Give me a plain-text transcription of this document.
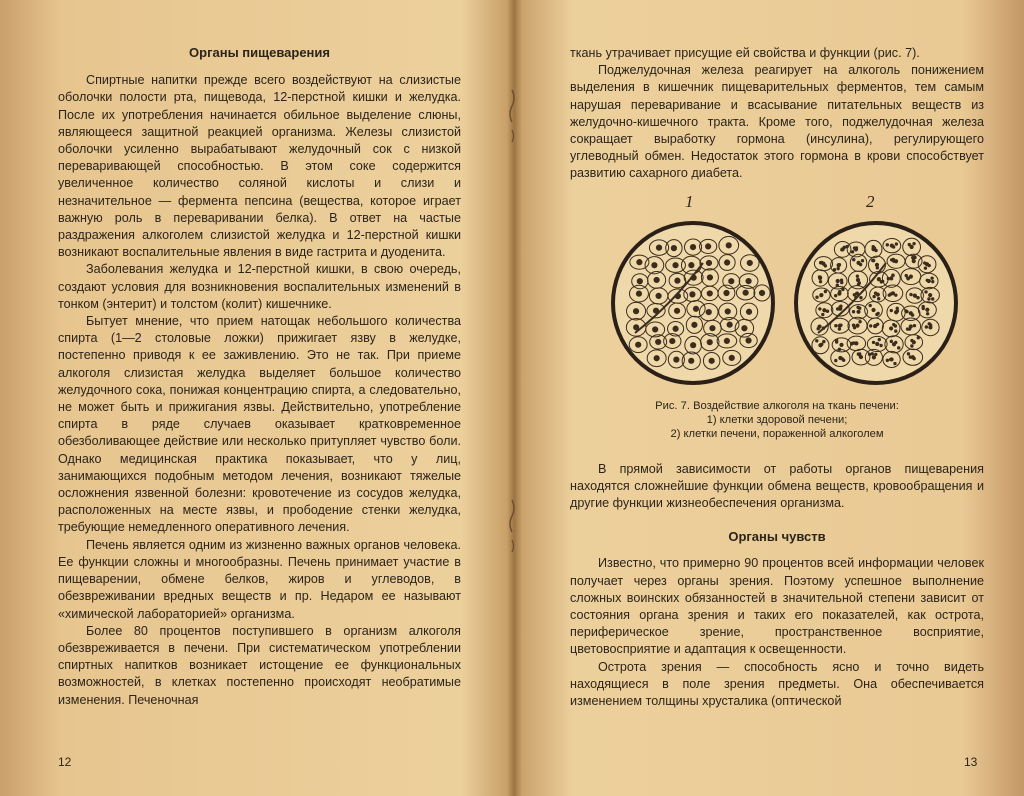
Органы пищеварения

Спиртные напитки прежде всего воздействуют на слизистые оболочки полости рта, пищевода, 12-перстной кишки и желудка. После их употребления начинается обильное выделение слюны, являющееся защитной реакцией организма. Железы слизистой оболочки усиленно вырабатывают желудочный сок с низкой переваривающей способностью. В этом соке содержится увеличенное количество соляной кислоты и слизи и незначительное — фермента пепсина (вещества, которое играет важную роль в переваривании белка). В ответ на частые раздражения алкоголем слизистой желудка и 12-перстной кишки возникают воспалительные явления в виде гастрита и дуоденита.

Заболевания желудка и 12-перстной кишки, в свою очередь, создают условия для возникновения воспалительных изменений в тонком (энтерит) и толстом (колит) кишечнике.

Бытует мнение, что прием натощак небольшого количества спирта (1—2 столовые ложки) прижигает язву в желудке, постепенно приводя к ее заживлению. Это не так. При приеме алкоголя слизистая желудка выделяет большое количество желудочного сока, понижая концентрацию спирта, а следовательно, не может быть и прижигания язвы. Действительно, употребление спирта в ряде случаев оказывает кратковременное обезболивающее действие или несколько притупляет чувство боли. Однако медицинская практика показывает, что у лиц, занимающихся подобным методом лечения, возникают тяжелые осложнения язвенной болезни: кровотечение из сосудов желудка, расположенных на месте язвы, и прободение стенки желудка, требующие немедленного оперативного лечения.

Печень является одним из жизненно важных органов человека. Ее функции сложны и многообразны. Печень принимает участие в пищеварении, обмене белков, жиров и углеводов, в обезвреживании вредных веществ и пр. Недаром ее называют «химической лабораторией» организма.

Более 80 процентов поступившего в организм алкоголя обезвреживается в печени. При систематическом употреблении спиртных напитков возникает истощение ее функциональных возможностей, в клетках постепенно происходят необратимые изменения. Печеночная

12

ткань утрачивает присущие ей свойства и функции (рис. 7).

Поджелудочная железа реагирует на алкоголь понижением выделения в кишечник пищеварительных ферментов, тем самым нарушая переваривание и всасывание питательных веществ из желудочно-кишечного тракта. Кроме того, поджелудочная железа сокращает выработку гормона (инсулина), регулирующего углеводный обмен. Недостаток этого гормона в крови способствует развитию сахарного диабета.

1	2
Рис. 7. Воздействие алкоголя на ткань печени:
1) клетки здоровой печени;
2) клетки печени, пораженной алкоголем

В прямой зависимости от работы органов пищеварения находятся сложнейшие функции обмена веществ, кровообращения и другие функции жизнеобеспечения организма.

Органы чувств

Известно, что примерно 90 процентов всей информации человек получает через органы зрения. Поэтому успешное выполнение сложных воинских обязанностей в значительной степени зависит от состояния органа зрения и таких его показателей, как острота, периферическое зрение, пространственное восприятие, цветовосприятие и адаптация к освещенности.

Острота зрения — способность ясно и точно видеть находящиеся в поле зрения предметы. Она обеспечивается изменением толщины хрусталика (оптической

13
